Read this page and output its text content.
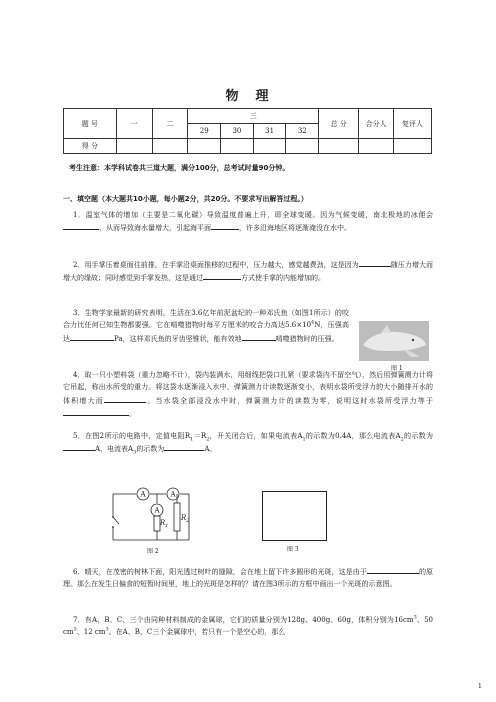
物　理
题 号	一	二	三				总 分	合分人	复评人
			29	30	31	32			
得 分									
考生注意：本学科试卷共三道大题，满分100分，总考试时量90分钟。
一、填空题（本大题共10小题，每小题2分，共20分。不要求写出解答过程。）
1．温室气体的增加（主要是二氧化碳）导致温度普遍上升，即全球变暖。因为气候变暖，南北极地的冰便会，从而导致海水量增大，引起海平面	，许多沿海地区将逐渐淹没在水中。
2．用手掌压着桌面往前推，在手掌沿桌面推移的过程中，压力越大，感觉越费劲，这是因为	随压力增大而增大的缘故；同时感觉到手掌发热，这是通过	方式使手掌的内能增加的。
3．生物学家最新的研究表明，生活在3.6亿年前泥盆纪的一种邓氏鱼（如图1所示）的咬合力比任何已知生物都要强。它在啃噬猎物时每平方厘米的咬合力高达$5.6\times 10^4N$，压强高达	Pa，这样邓氏鱼的牙齿坚锥状，能有效地	啃噬猎物时的压强。
图 1
4．取一只小塑料袋（重力忽略不计），袋内装满水，用细线把袋口扎紧（要求袋内不留空气），然后用弹簧测力计将它吊起，称出水所受的重力。将这袋水逐渐浸入水中，弹簧测力计读数逐渐变小，表明水袋所受浮力的大小随排开水的体积增大而	。当水袋全部浸没水中时，弹簧测力计的读数为零，说明这时水袋所受浮力等于。
5．在图2所示的电路中，定值电阻$R_1=R_2$，开关闭合后，如果电流表$A_1$的示数为0.4A，那么电流表$A_2$的示数为A，电流表$A_3$的示数为	A。
A	A
A
$R_1$
$R_2$
图 2	图 3
6．晴天，在茂密的树林下面，阳光透过树叶的缝隙，会在地上留下许多圆形的光斑，这是由于	的原理。那么在发生日偏食的短暂时间里，地上的光斑是怎样的？请在图3所示的方框中画出一个光斑的示意图。
7．有A、B、C、三个由同种材料制成的金属球，它们的质量分别为128g、400g、60g，体积分别为$16cm^3$、50 $cm^3$、12 $cm^3$。在A、B、C三个金属球中，若只有一个是空心的，那么
1
